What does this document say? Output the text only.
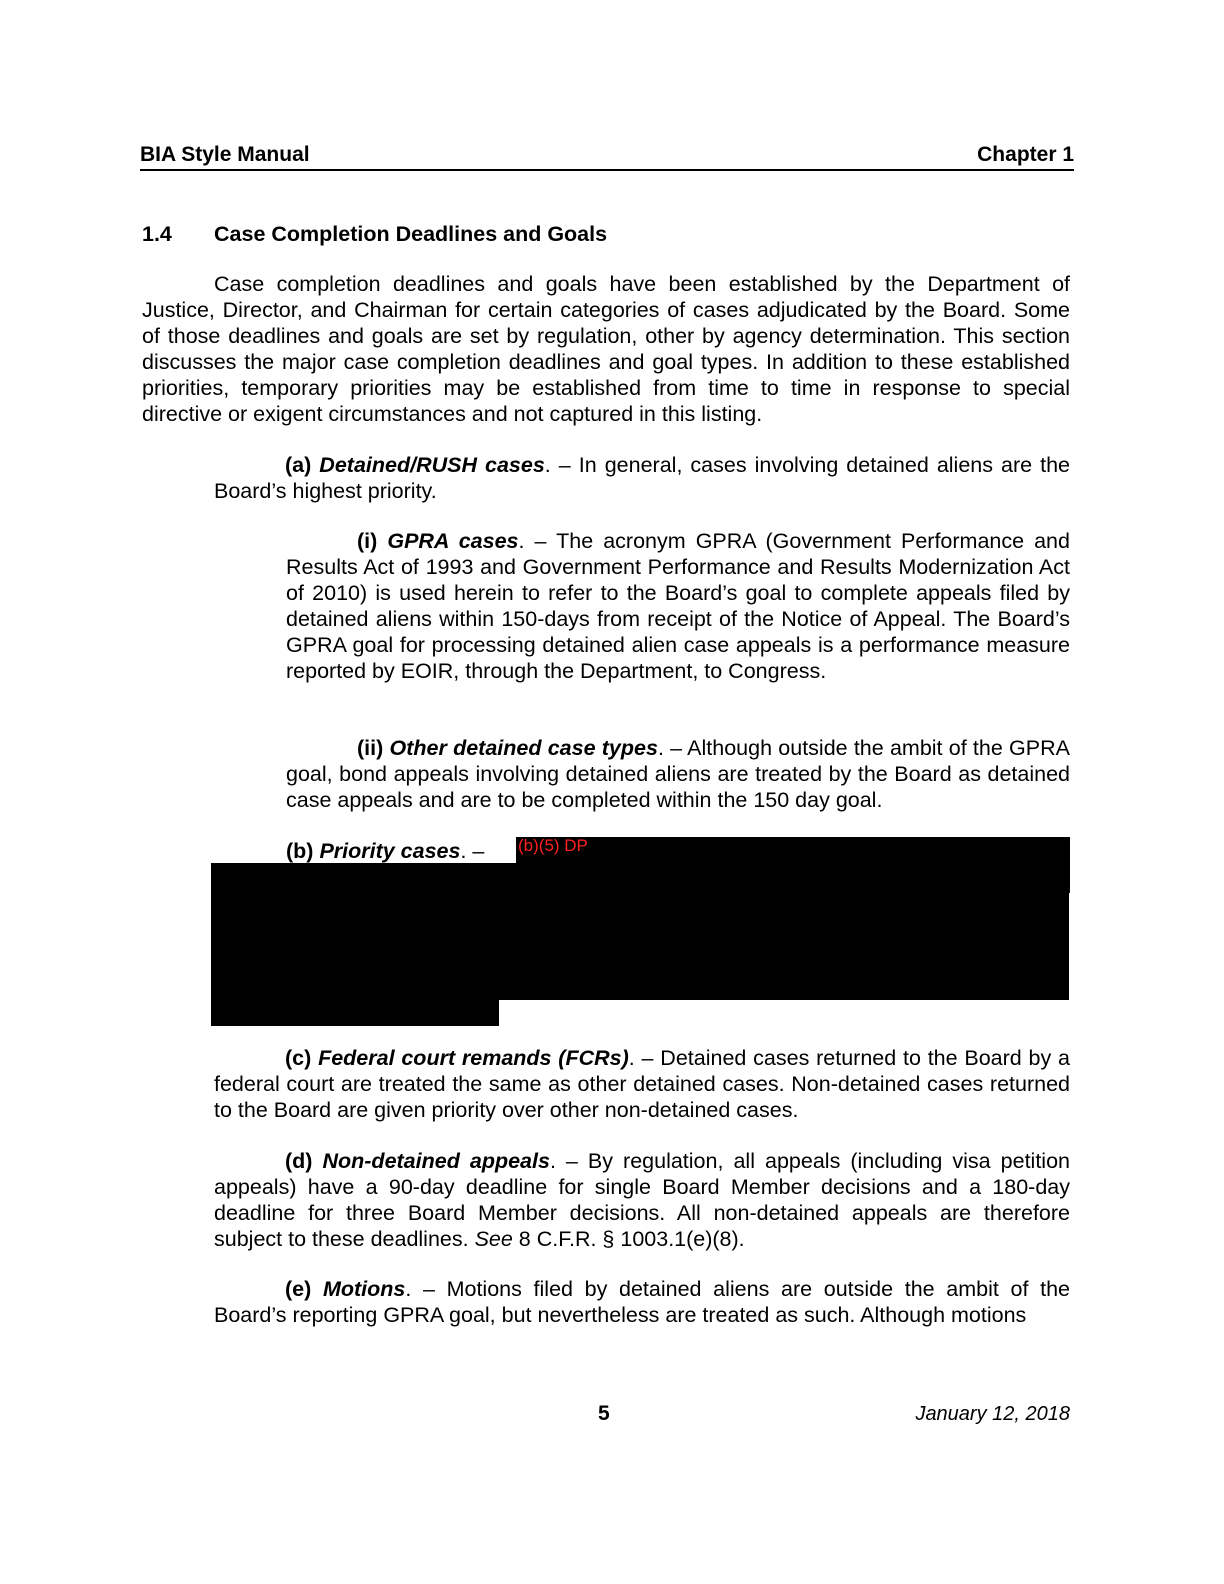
BIA Style Manual	Chapter 1
1.4 Case Completion Deadlines and Goals

Case completion deadlines and goals have been established by the Department of Justice, Director, and Chairman for certain categories of cases adjudicated by the Board. Some of those deadlines and goals are set by regulation, other by agency determination. This section discusses the major case completion deadlines and goal types. In addition to these established priorities, temporary priorities may be established from time to time in response to special directive or exigent circumstances and not captured in this listing.

(a) Detained/RUSH cases. – In general, cases involving detained aliens are the Board’s highest priority.

(i) GPRA cases. – The acronym GPRA (Government Performance and Results Act of 1993 and Government Performance and Results Modernization Act of 2010) is used herein to refer to the Board’s goal to complete appeals filed by detained aliens within 150-days from receipt of the Notice of Appeal. The Board’s GPRA goal for processing detained alien case appeals is a performance measure reported by EOIR, through the Department, to Congress.

(ii) Other detained case types. – Although outside the ambit of the GPRA goal, bond appeals involving detained aliens are treated by the Board as detained case appeals and are to be completed within the 150 day goal.

(b) Priority cases. – (b)(5) DP

(c) Federal court remands (FCRs). – Detained cases returned to the Board by a federal court are treated the same as other detained cases. Non-detained cases returned to the Board are given priority over other non-detained cases.

(d) Non-detained appeals. – By regulation, all appeals (including visa petition appeals) have a 90-day deadline for single Board Member decisions and a 180-day deadline for three Board Member decisions. All non-detained appeals are therefore subject to these deadlines. See 8 C.F.R. § 1003.1(e)(8).

(e) Motions. – Motions filed by detained aliens are outside the ambit of the Board’s reporting GPRA goal, but nevertheless are treated as such. Although motions

5	January 12, 2018
